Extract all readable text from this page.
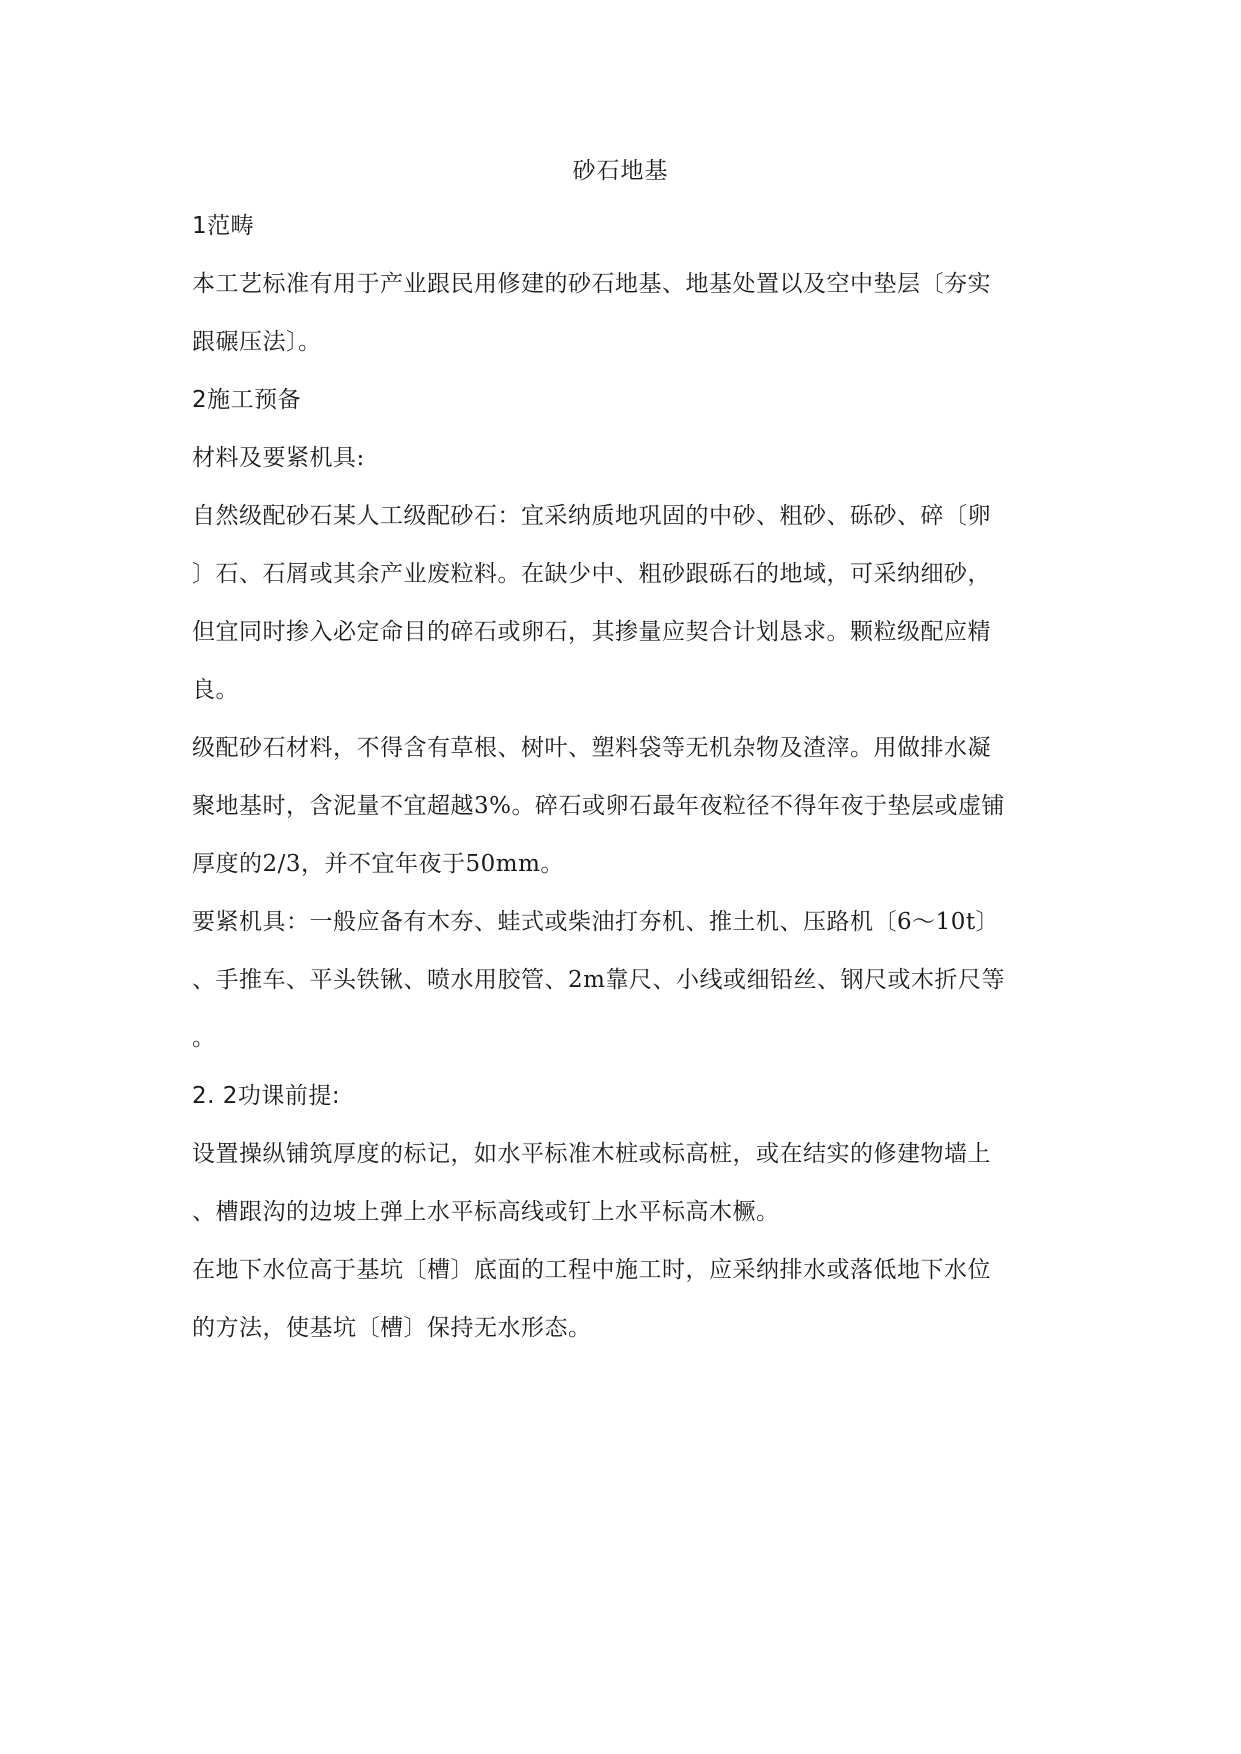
砂石地基
1范畴
本工艺标准有用于产业跟民用修建的砂石地基、地基处置以及空中垫层〔夯实
跟碾压法〕。
2施工预备
材料及要紧机具:
自然级配砂石某人工级配砂石：宜采纳质地巩固的中砂、粗砂、砾砂、碎〔卵
〕石、石屑或其余产业废粒料。在缺少中、粗砂跟砾石的地域，可采纳细砂，
但宜同时掺入必定命目的碎石或卵石，其掺量应契合计划恳求。颗粒级配应精
良。
级配砂石材料，不得含有草根、树叶、塑料袋等无机杂物及渣滓。用做排水凝
聚地基时，含泥量不宜超越3%。碎石或卵石最年夜粒径不得年夜于垫层或虚铺
厚度的2/3，并不宜年夜于50mm。
要紧机具：一般应备有木夯、蛙式或柴油打夯机、推土机、压路机〔6～10t〕
、手推车、平头铁锹、喷水用胶管、2m靠尺、小线或细铅丝、钢尺或木折尺等
。
2. 2功课前提:
设置操纵铺筑厚度的标记，如水平标准木桩或标高桩，或在结实的修建物墙上
、槽跟沟的边坡上弹上水平标高线或钉上水平标高木橛。
在地下水位高于基坑〔槽〕底面的工程中施工时，应采纳排水或落低地下水位
的方法，使基坑〔槽〕保持无水形态。
